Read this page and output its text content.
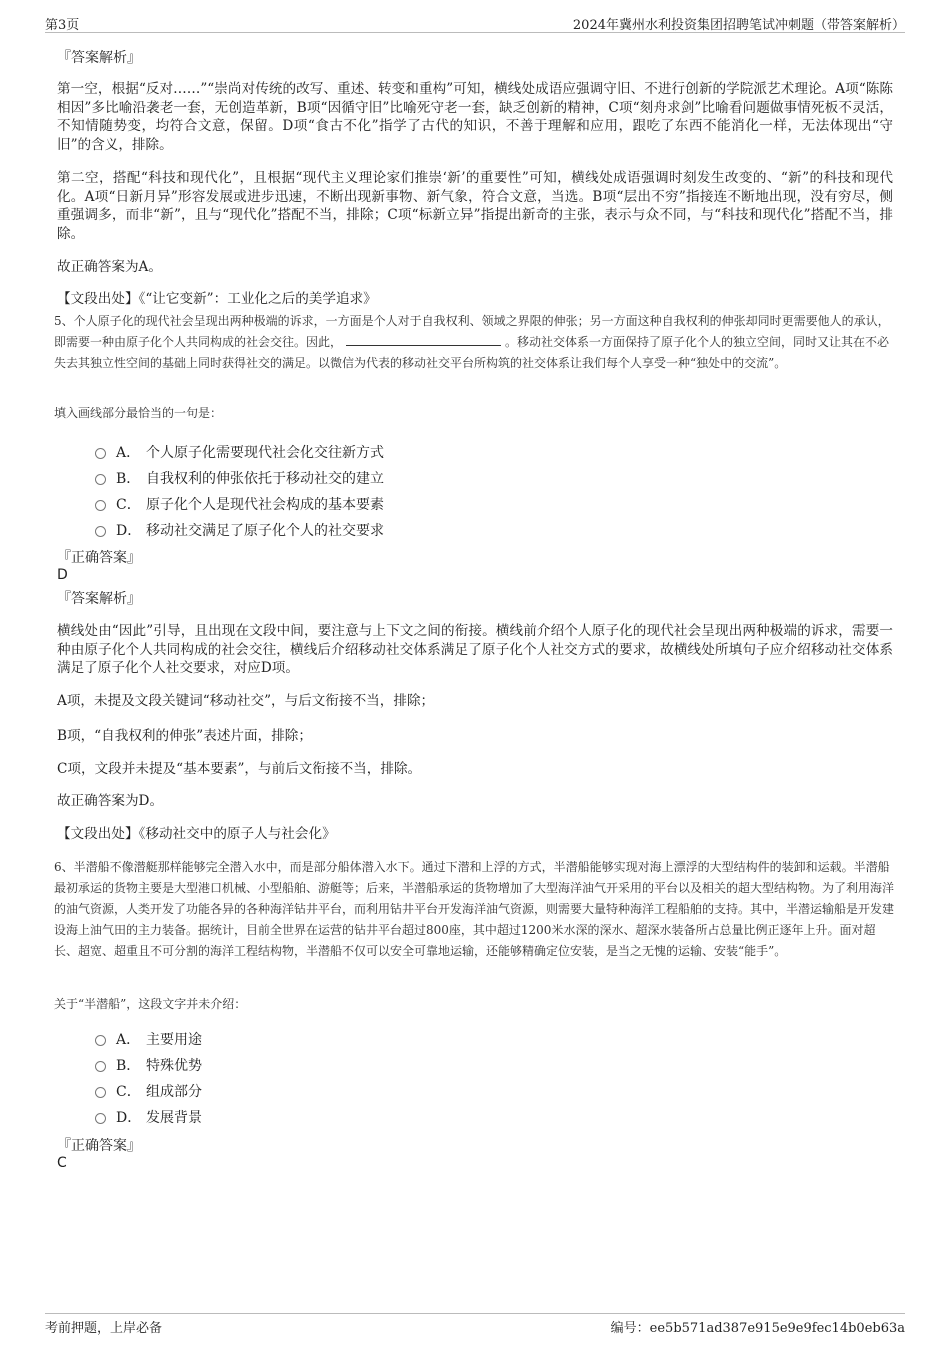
第3页	2024年冀州水利投资集团招聘笔试冲刺题（带答案解析）
『答案解析』

第一空，根据“反对……”“崇尚对传统的改写、重述、转变和重构”可知，横线处成语应强调守旧、不进行创新的学院派艺术理论。A项“陈陈相因”多比喻沿袭老一套，无创造革新，B项“因循守旧”比喻死守老一套，缺乏创新的精神，C项“刻舟求剑”比喻看问题做事情死板不灵活，不知情随势变，均符合文意，保留。D项“食古不化”指学了古代的知识，不善于理解和应用，跟吃了东西不能消化一样，无法体现出“守旧”的含义，排除。

第二空，搭配“科技和现代化”，且根据“现代主义理论家们推崇‘新’的重要性”可知，横线处成语强调时刻发生改变的、“新”的科技和现代化。A项“日新月异”形容发展或进步迅速，不断出现新事物、新气象，符合文意，当选。B项“层出不穷”指接连不断地出现，没有穷尽，侧重强调多，而非“新”，且与“现代化”搭配不当，排除；C项“标新立异”指提出新奇的主张，表示与众不同，与“科技和现代化”搭配不当，排除。

故正确答案为A。
【文段出处】《“让它变新”：工业化之后的美学追求》
5、个人原子化的现代社会呈现出两种极端的诉求，一方面是个人对于自我权利、领域之界限的伸张；另一方面这种自我权利的伸张却同时更需要他人的承认，即需要一种由原子化个人共同构成的社会交往。因此，	。移动社交体系一方面保持了原子化个人的独立空间，同时又让其在不必失去其独立性空间的基础上同时获得社交的满足。以微信为代表的移动社交平台所构筑的社交体系让我们每个人享受一种“独处中的交流”。
填入画线部分最恰当的一句是：
A． 个人原子化需要现代社会化交往新方式
B． 自我权利的伸张依托于移动社交的建立
C． 原子化个人是现代社会构成的基本要素
D． 移动社交满足了原子化个人的社交要求
『正确答案』
D
『答案解析』

横线处由“因此”引导，且出现在文段中间，要注意与上下文之间的衔接。横线前介绍个人原子化的现代社会呈现出两种极端的诉求，需要一种由原子化个人共同构成的社会交往，横线后介绍移动社交体系满足了原子化个人社交方式的要求，故横线处所填句子应介绍移动社交体系满足了原子化个人社交要求，对应D项。

A项，未提及文段关键词“移动社交”，与后文衔接不当，排除；
B项，“自我权利的伸张”表述片面，排除；
C项，文段并未提及“基本要素”，与前后文衔接不当，排除。
故正确答案为D。
【文段出处】《移动社交中的原子人与社会化》
6、半潜船不像潜艇那样能够完全潜入水中，而是部分船体潜入水下。通过下潜和上浮的方式，半潜船能够实现对海上漂浮的大型结构件的装卸和运载。半潜船最初承运的货物主要是大型港口机械、小型船舶、游艇等；后来，半潜船承运的货物增加了大型海洋油气开采用的平台以及相关的超大型结构物。为了利用海洋的油气资源，人类开发了功能各异的各种海洋钻井平台，而利用钻井平台开发海洋油气资源，则需要大量特种海洋工程船舶的支持。其中，半潜运输船是开发建设海上油气田的主力装备。据统计，目前全世界在运营的钻井平台超过800座，其中超过1200米水深的深水、超深水装备所占总量比例正逐年上升。面对超长、超宽、超重且不可分割的海洋工程结构物，半潜船不仅可以安全可靠地运输，还能够精确定位安装，是当之无愧的运输、安装“能手”。
关于“半潜船”，这段文字并未介绍：
A． 主要用途
B． 特殊优势
C． 组成部分
D． 发展背景
『正确答案』
C
考前押题，上岸必备	编号：ee5b571ad387e915e9e9fec14b0eb63a
